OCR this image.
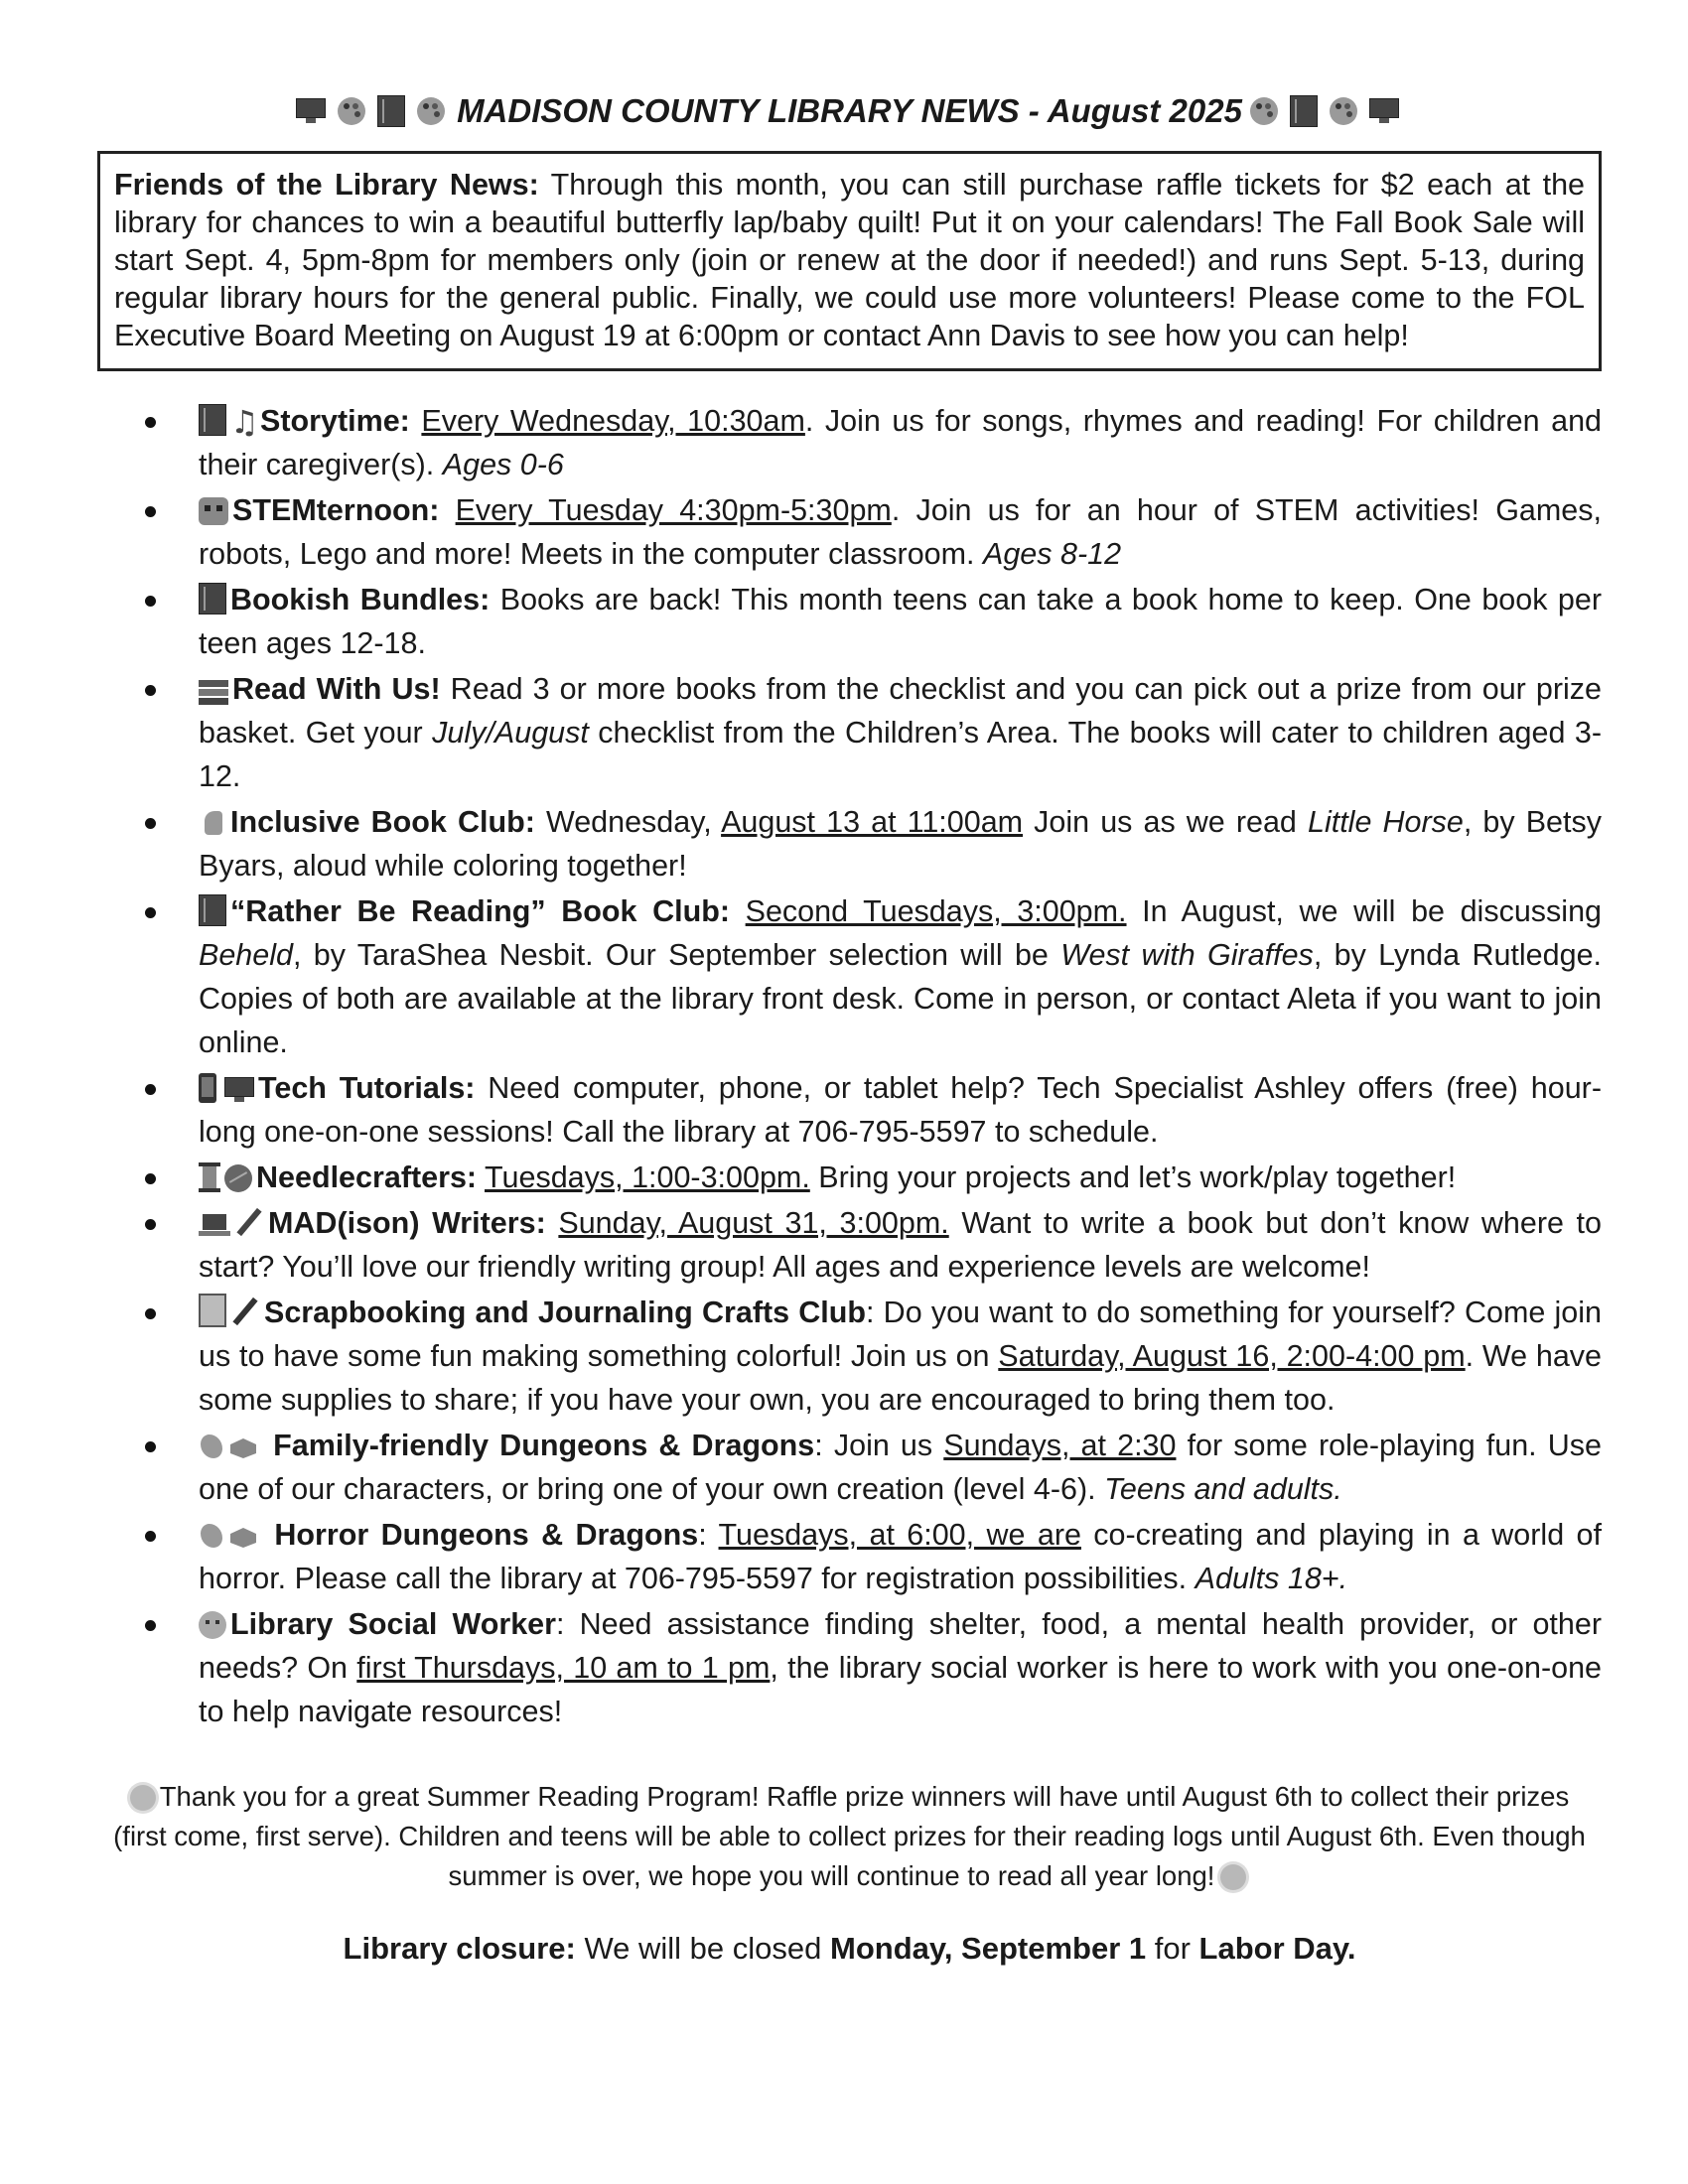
MADISON COUNTY LIBRARY NEWS - August 2025
Friends of the Library News: Through this month, you can still purchase raffle tickets for $2 each at the library for chances to win a beautiful butterfly lap/baby quilt! Put it on your calendars! The Fall Book Sale will start Sept. 4, 5pm-8pm for members only (join or renew at the door if needed!) and runs Sept. 5-13, during regular library hours for the general public. Finally, we could use more volunteers! Please come to the FOL Executive Board Meeting on August 19 at 6:00pm or contact Ann Davis to see how you can help!
♫Storytime: Every Wednesday, 10:30am. Join us for songs, rhymes and reading! For children and their caregiver(s). Ages 0-6
STEMternoon: Every Tuesday 4:30pm-5:30pm. Join us for an hour of STEM activities! Games, robots, Lego and more! Meets in the computer classroom. Ages 8-12
Bookish Bundles: Books are back! This month teens can take a book home to keep. One book per teen ages 12-18.
Read With Us! Read 3 or more books from the checklist and you can pick out a prize from our prize basket. Get your July/August checklist from the Children’s Area. The books will cater to children aged 3-12.
Inclusive Book Club: Wednesday, August 13 at 11:00am Join us as we read Little Horse, by Betsy Byars, aloud while coloring together!
“Rather Be Reading” Book Club: Second Tuesdays, 3:00pm. In August, we will be discussing Beheld, by TaraShea Nesbit. Our September selection will be West with Giraffes, by Lynda Rutledge. Copies of both are available at the library front desk. Come in person, or contact Aleta if you want to join online.
Tech Tutorials: Need computer, phone, or tablet help? Tech Specialist Ashley offers (free) hour-long one-on-one sessions! Call the library at 706-795-5597 to schedule.
Needlecrafters: Tuesdays, 1:00-3:00pm. Bring your projects and let’s work/play together!
MAD(ison) Writers: Sunday, August 31, 3:00pm. Want to write a book but don’t know where to start? You’ll love our friendly writing group! All ages and experience levels are welcome!
Scrapbooking and Journaling Crafts Club: Do you want to do something for yourself? Come join us to have some fun making something colorful! Join us on Saturday, August 16, 2:00-4:00 pm. We have some supplies to share; if you have your own, you are encouraged to bring them too.
Family-friendly Dungeons & Dragons: Join us Sundays, at 2:30 for some role-playing fun. Use one of our characters, or bring one of your own creation (level 4-6). Teens and adults.
Horror Dungeons & Dragons: Tuesdays, at 6:00, we are co-creating and playing in a world of horror. Please call the library at 706-795-5597 for registration possibilities. Adults 18+.
Library Social Worker: Need assistance finding shelter, food, a mental health provider, or other needs? On first Thursdays, 10 am to 1 pm, the library social worker is here to work with you one-on-one to help navigate resources!
Thank you for a great Summer Reading Program! Raffle prize winners will have until August 6th to collect their prizes (first come, first serve). Children and teens will be able to collect prizes for their reading logs until August 6th. Even though summer is over, we hope you will continue to read all year long!
Library closure: We will be closed Monday, September 1 for Labor Day.
